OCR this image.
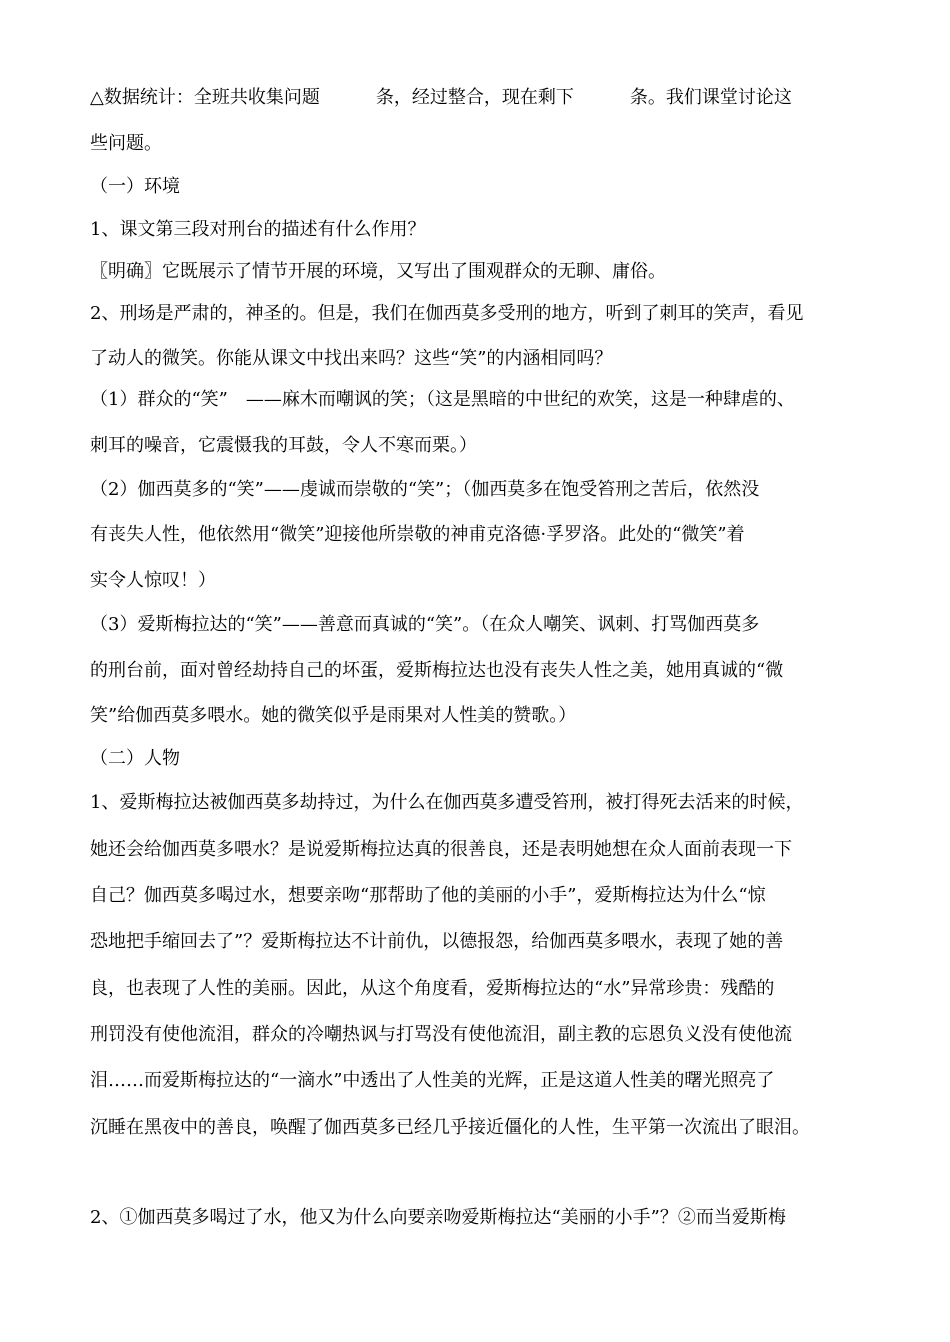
△数据统计：全班共收集问题	条，经过整合，现在剩下	条。我们课堂讨论这
些问题。
（一）环境
1、课文第三段对刑台的描述有什么作用？
〖明确〗它既展示了情节开展的环境，又写出了围观群众的无聊、庸俗。
2、刑场是严肃的，神圣的。但是，我们在伽西莫多受刑的地方，听到了刺耳的笑声，看见
了动人的微笑。你能从课文中找出来吗？这些“笑”的内涵相同吗？
（1）群众的“笑”　——麻木而嘲讽的笑；（这是黑暗的中世纪的欢笑，这是一种肆虐的、
刺耳的噪音，它震慑我的耳鼓，令人不寒而栗。）
（2）伽西莫多的“笑”——虔诚而崇敬的“笑”；（伽西莫多在饱受笞刑之苦后，依然没
有丧失人性，他依然用“微笑”迎接他所崇敬的神甫克洛德·孚罗洛。此处的“微笑”着
实令人惊叹！）
（3）爱斯梅拉达的“笑”——善意而真诚的“笑”。（在众人嘲笑、讽刺、打骂伽西莫多
的刑台前，面对曾经劫持自己的坏蛋，爱斯梅拉达也没有丧失人性之美，她用真诚的“微
笑”给伽西莫多喂水。她的微笑似乎是雨果对人性美的赞歌。）
（二）人物
1、爱斯梅拉达被伽西莫多劫持过，为什么在伽西莫多遭受笞刑，被打得死去活来的时候，
她还会给伽西莫多喂水？是说爱斯梅拉达真的很善良，还是表明她想在众人面前表现一下
自己？伽西莫多喝过水，想要亲吻“那帮助了他的美丽的小手”，爱斯梅拉达为什么“惊
恐地把手缩回去了”？爱斯梅拉达不计前仇，以德报怨，给伽西莫多喂水，表现了她的善
良，也表现了人性的美丽。因此，从这个角度看，爱斯梅拉达的“水”异常珍贵：残酷的
刑罚没有使他流泪，群众的冷嘲热讽与打骂没有使他流泪，副主教的忘恩负义没有使他流
泪……而爱斯梅拉达的“一滴水”中透出了人性美的光辉，正是这道人性美的曙光照亮了
沉睡在黑夜中的善良，唤醒了伽西莫多已经几乎接近僵化的人性，生平第一次流出了眼泪。
2、①伽西莫多喝过了水，他又为什么向要亲吻爱斯梅拉达“美丽的小手”？②而当爱斯梅
